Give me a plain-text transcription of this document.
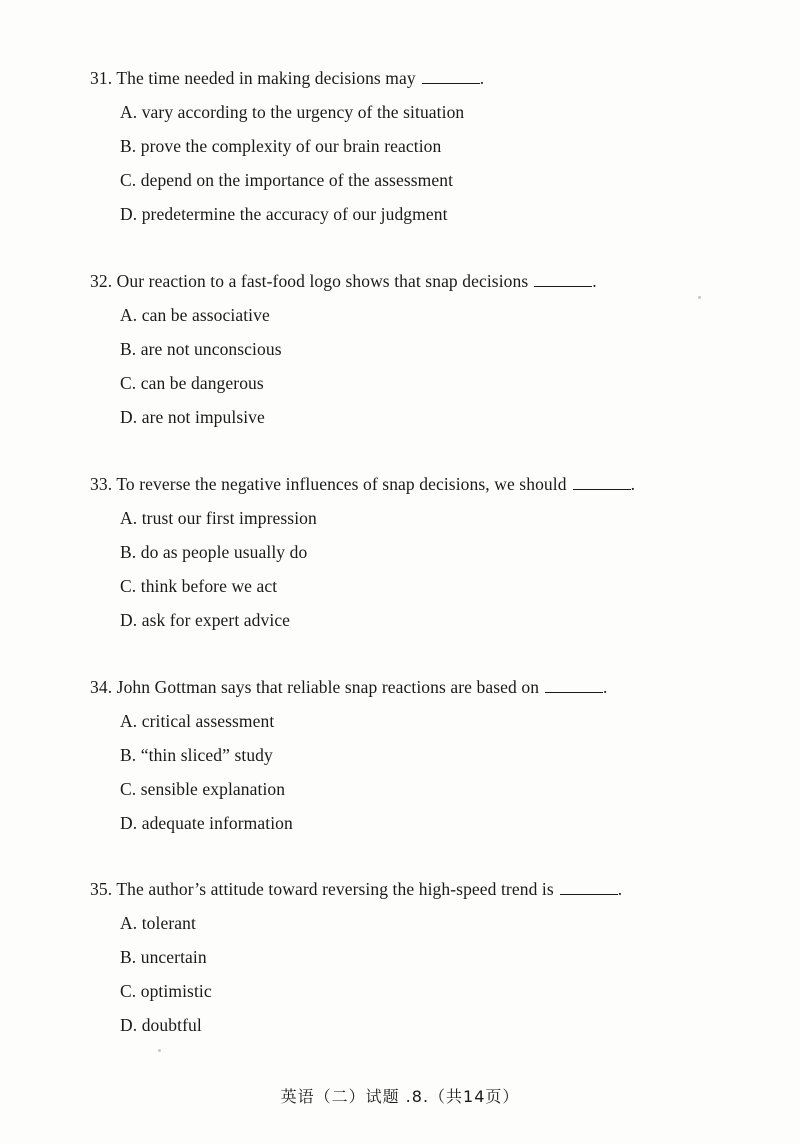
31. The time needed in making decisions may	.
A. vary according to the urgency of the situation
B. prove the complexity of our brain reaction
C. depend on the importance of the assessment
D. predetermine the accuracy of our judgment
32. Our reaction to a fast-food logo shows that snap decisions	.
A. can be associative
B. are not unconscious
C. can be dangerous
D. are not impulsive
33. To reverse the negative influences of snap decisions, we should	.
A. trust our first impression
B. do as people usually do
C. think before we act
D. ask for expert advice
34. John Gottman says that reliable snap reactions are based on	.
A. critical assessment
B. “thin sliced” study
C. sensible explanation
D. adequate information
35. The author’s attitude toward reversing the high-speed trend is	.
A. tolerant
B. uncertain
C. optimistic
D. doubtful
英语（二）试题 .8.（共14页）
